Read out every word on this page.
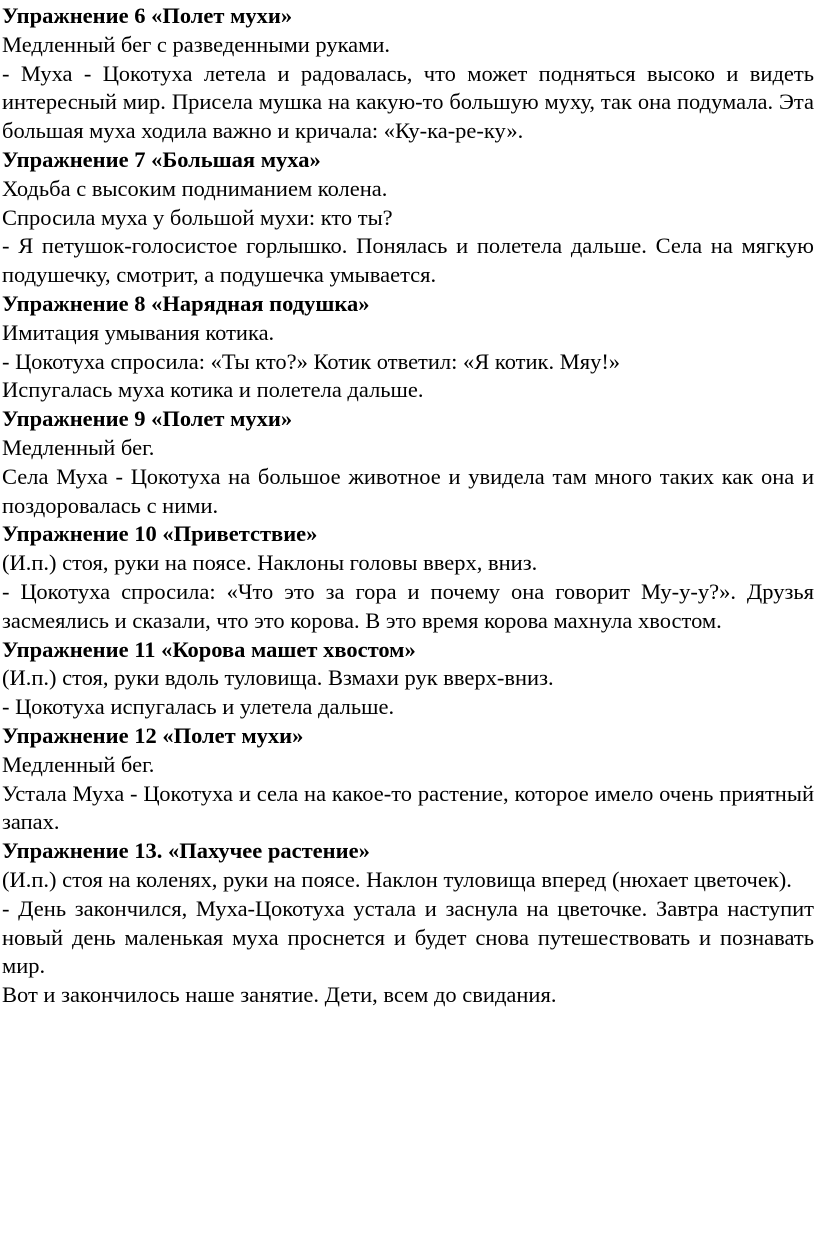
Упражнение 6 «Полет мухи»

Медленный бег с разведенными руками.

- Муха - Цокотуха летела и радовалась, что может подняться высоко и видеть интересный мир. Присела мушка на какую-то большую муху, так она подумала. Эта большая муха ходила важно и кричала: «Ку-ка-ре-ку».

Упражнение 7 «Большая муха»

Ходьба с высоким подниманием колена.

Спросила муха у большой мухи: кто ты?

- Я петушок-голосистое горлышко. Понялась и полетела дальше. Села на мягкую подушечку, смотрит, а подушечка умывается.

Упражнение 8 «Нарядная подушка»

Имитация умывания котика.

- Цокотуха спросила: «Ты кто?» Котик ответил: «Я котик. Мяу!»

Испугалась муха котика и полетела дальше.

Упражнение 9 «Полет мухи»

Медленный бег.

Села Муха - Цокотуха на большое животное и увидела там много таких как она и поздоровалась с ними.

Упражнение 10 «Приветствие»

(И.п.) стоя, руки на поясе. Наклоны головы вверх, вниз.

- Цокотуха спросила: «Что это за гора и почему она говорит Му-у-у?». Друзья засмеялись и сказали, что это корова. В это время корова махнула хвостом.

Упражнение 11 «Корова машет хвостом»

(И.п.) стоя, руки вдоль туловища. Взмахи рук вверх-вниз.

- Цокотуха испугалась и улетела дальше.

Упражнение 12 «Полет мухи»

Медленный бег.

Устала Муха - Цокотуха и села на какое-то растение, которое имело очень приятный запах.

Упражнение 13. «Пахучее растение»

(И.п.) стоя на коленях, руки на поясе. Наклон туловища вперед (нюхает цветочек).

- День закончился, Муха-Цокотуха устала и заснула на цветочке. Завтра наступит новый день маленькая муха проснется и будет снова путешествовать и познавать мир.

Вот и закончилось наше занятие. Дети, всем до свидания.
